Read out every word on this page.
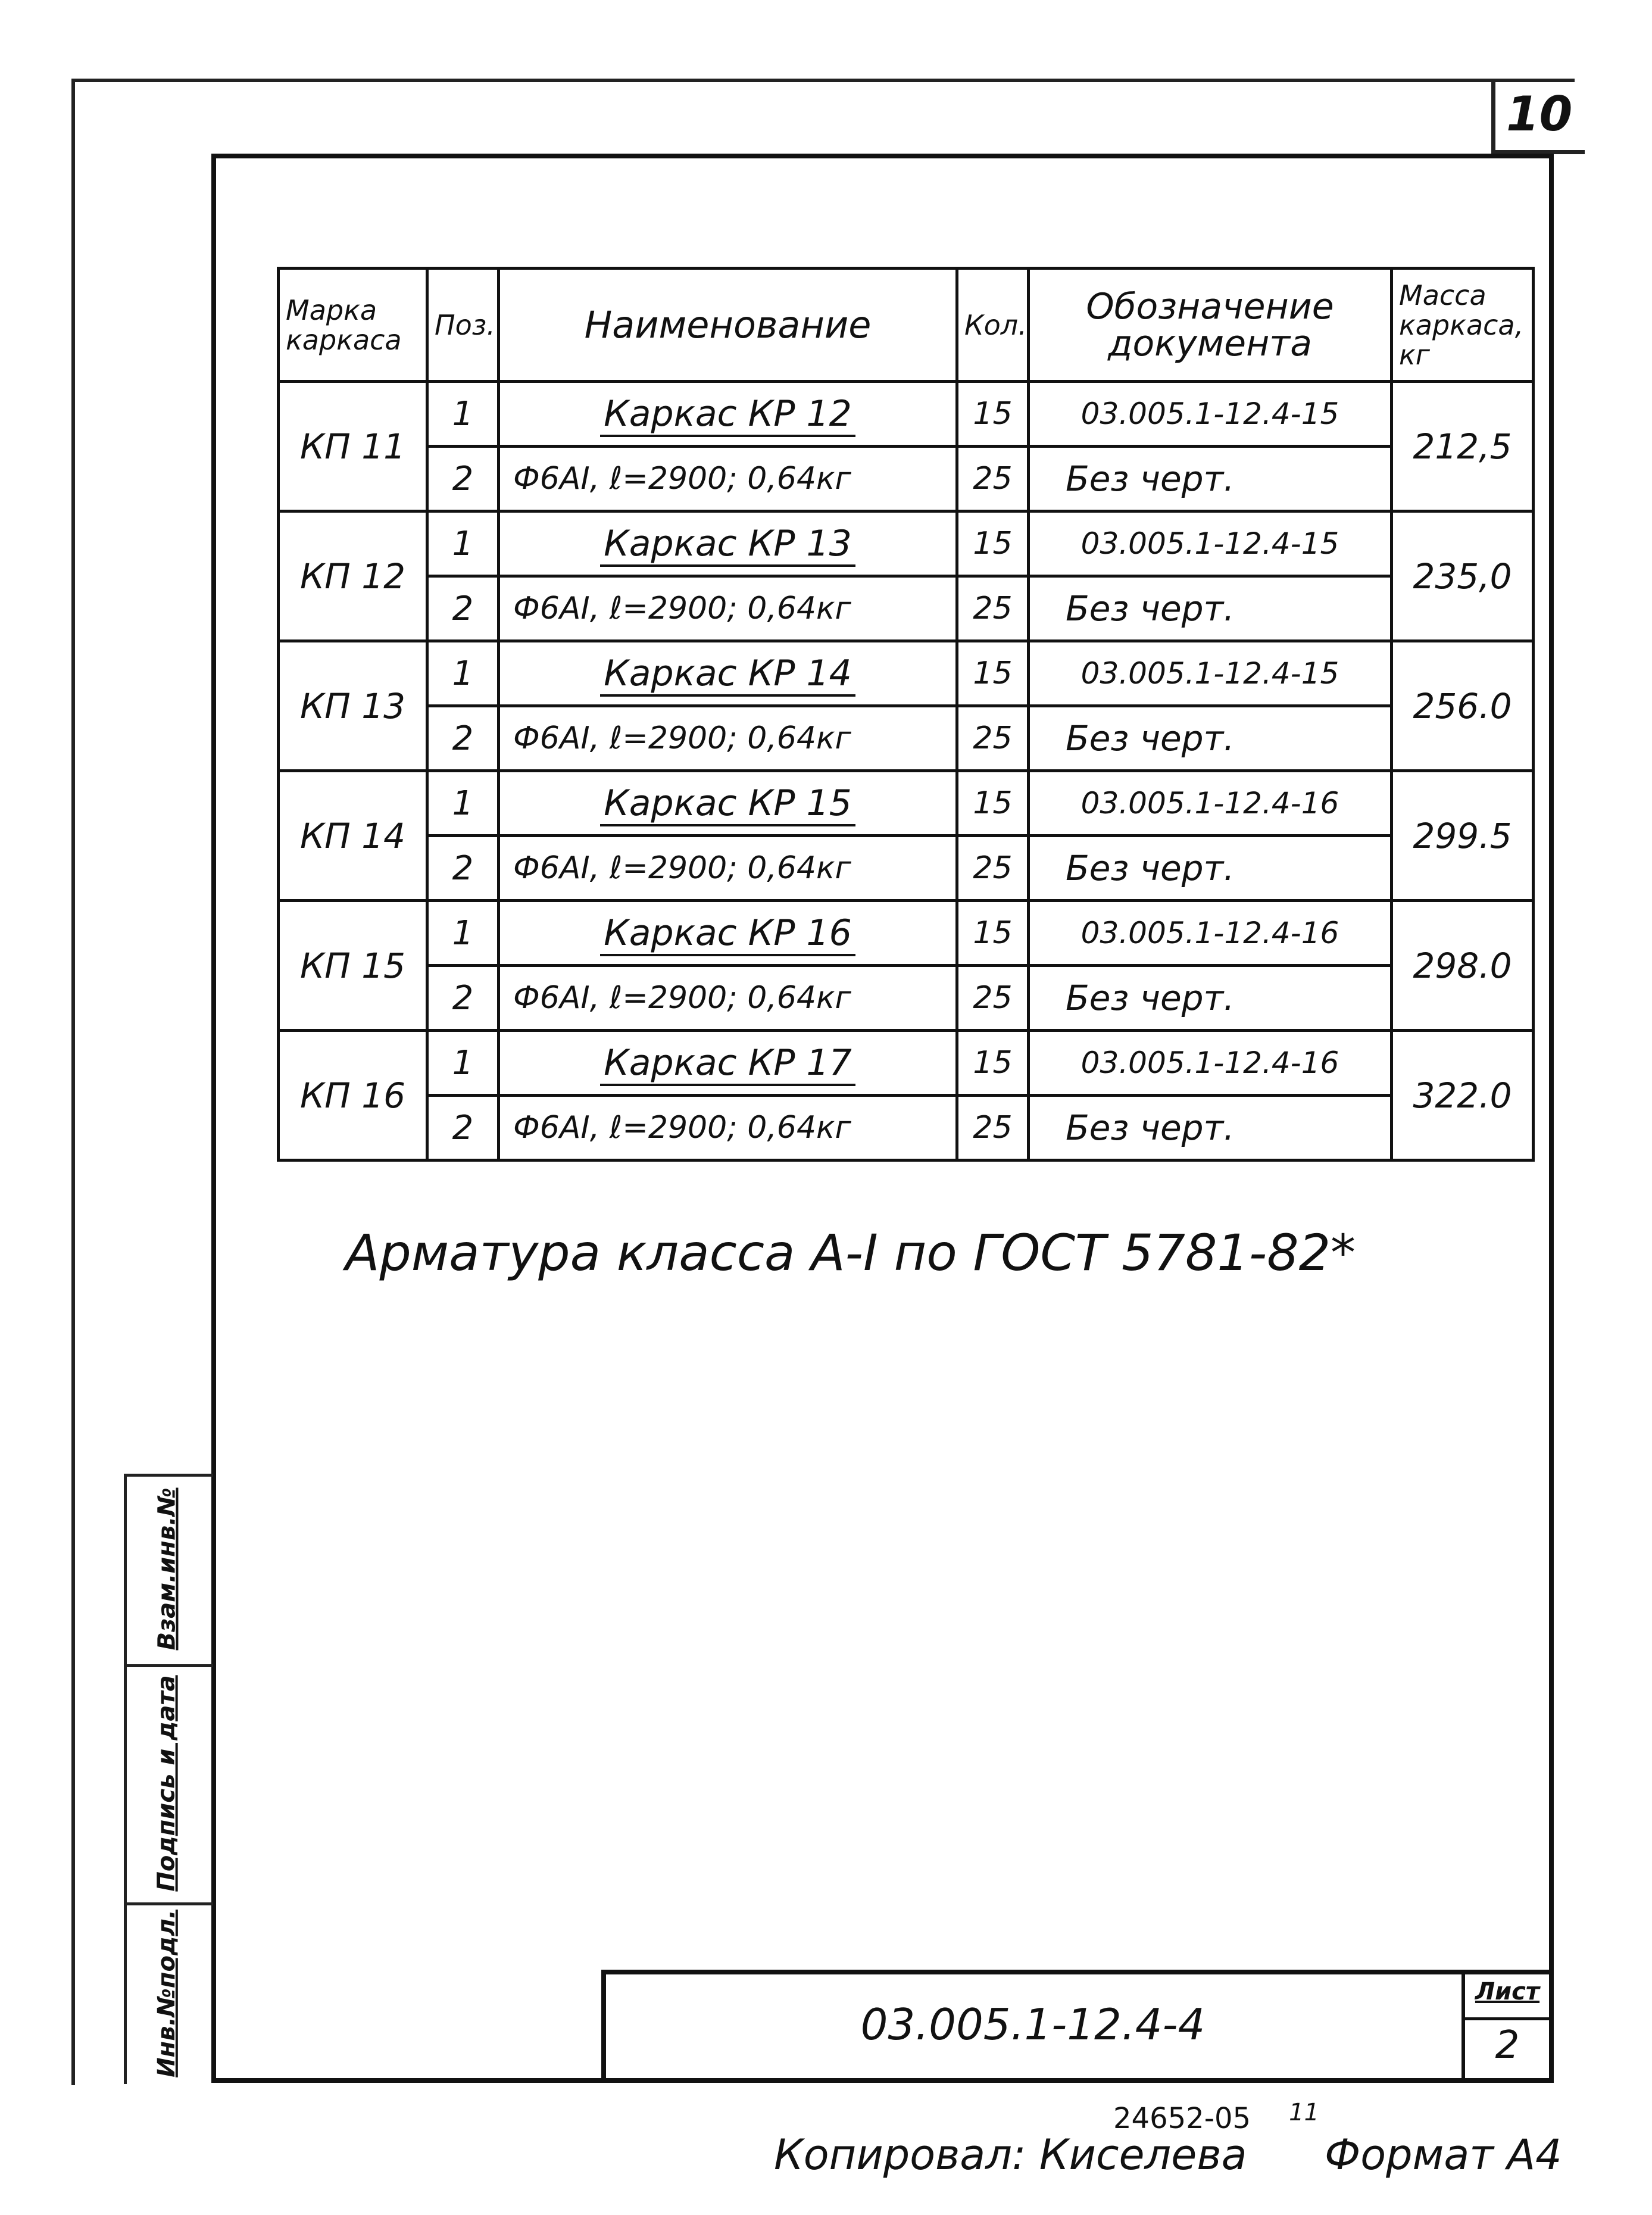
10
Взам.инв.№
Подпись и дата
Инв.№подл.
Марка каркаса	Поз.	Наименование	Кол.	Обозначение документа	Масса каркаса, кг
КП 11	1	Каркас КР 12	15	03.005.1-12.4-15	212,5
	2	Ф6АI, ℓ=2900; 0,64кг	25	Без черт.	
КП 12	1	Каркас КР 13	15	03.005.1-12.4-15	235,0
	2	Ф6АI, ℓ=2900; 0,64кг	25	Без черт.	
КП 13	1	Каркас КР 14	15	03.005.1-12.4-15	256.0
	2	Ф6АI, ℓ=2900; 0,64кг	25	Без черт.	
КП 14	1	Каркас КР 15	15	03.005.1-12.4-16	299.5
	2	Ф6АI, ℓ=2900; 0,64кг	25	Без черт.	
КП 15	1	Каркас КР 16	15	03.005.1-12.4-16	298.0
	2	Ф6АI, ℓ=2900; 0,64кг	25	Без черт.	
КП 16	1	Каркас КР 17	15	03.005.1-12.4-16	322.0
	2	Ф6АI, ℓ=2900; 0,64кг	25	Без черт.	
Арматура класса А-I по ГОСТ 5781-82*
03.005.1-12.4-4
Лист
2
Копировал: Киселева
24652-05 11
Формат А4
